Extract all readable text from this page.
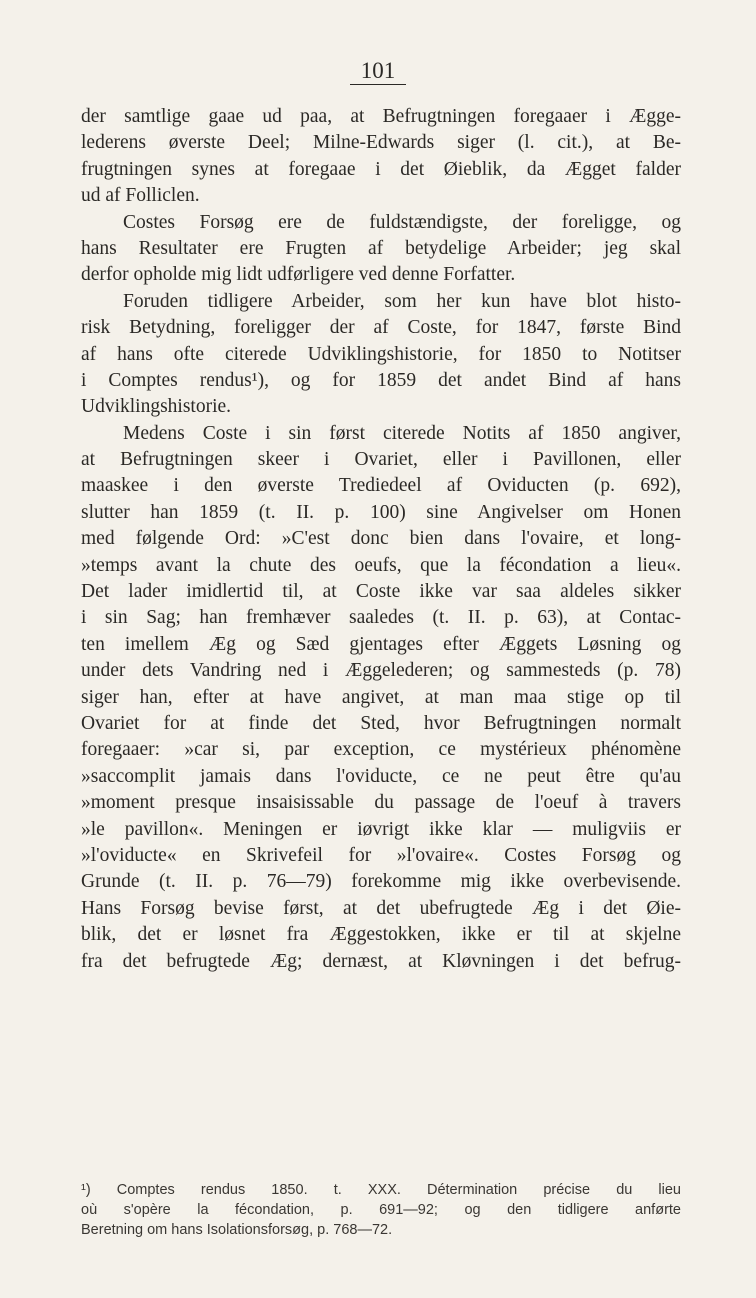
101
der samtlige gaae ud paa, at Befrugtningen foregaaer i Ægge-
lederens øverste Deel; Milne-Edwards siger (l. cit.), at Be-
frugtningen synes at foregaae i det Øieblik, da Ægget falder
ud af Folliclen.
Costes Forsøg ere de fuldstændigste, der foreligge, og
hans Resultater ere Frugten af betydelige Arbeider; jeg skal
derfor opholde mig lidt udførligere ved denne Forfatter.
Foruden tidligere Arbeider, som her kun have blot histo-
risk Betydning, foreligger der af Coste, for 1847, første Bind
af hans ofte citerede Udviklingshistorie, for 1850 to Notitser
i Comptes rendus¹), og for 1859 det andet Bind af hans
Udviklingshistorie.
Medens Coste i sin først citerede Notits af 1850 angiver,
at Befrugtningen skeer i Ovariet, eller i Pavillonen, eller
maaskee i den øverste Trediedeel af Oviducten (p. 692),
slutter han 1859 (t. II. p. 100) sine Angivelser om Honen
med følgende Ord: »C'est donc bien dans l'ovaire, et long-
»temps avant la chute des oeufs, que la fécondation a lieu«.
Det lader imidlertid til, at Coste ikke var saa aldeles sikker
i sin Sag; han fremhæver saaledes (t. II. p. 63), at Contac-
ten imellem Æg og Sæd gjentages efter Æggets Løsning og
under dets Vandring ned i Æggelederen; og sammesteds (p. 78)
siger han, efter at have angivet, at man maa stige op til
Ovariet for at finde det Sted, hvor Befrugtningen normalt
foregaaer: »car si, par exception, ce mystérieux phénomène
»saccomplit jamais dans l'oviducte, ce ne peut être qu'au
»moment presque insaisissable du passage de l'oeuf à travers
»le pavillon«. Meningen er iøvrigt ikke klar — muligviis er
»l'oviducte« en Skrivefeil for »l'ovaire«. Costes Forsøg og
Grunde (t. II. p. 76—79) forekomme mig ikke overbevisende.
Hans Forsøg bevise først, at det ubefrugtede Æg i det Øie-
blik, det er løsnet fra Æggestokken, ikke er til at skjelne
fra det befrugtede Æg; dernæst, at Kløvningen i det befrug-
¹) Comptes rendus 1850. t. XXX. Détermination précise du lieu
où s'opère la fécondation, p. 691—92; og den tidligere anførte
Beretning om hans Isolationsforsøg, p. 768—72.
